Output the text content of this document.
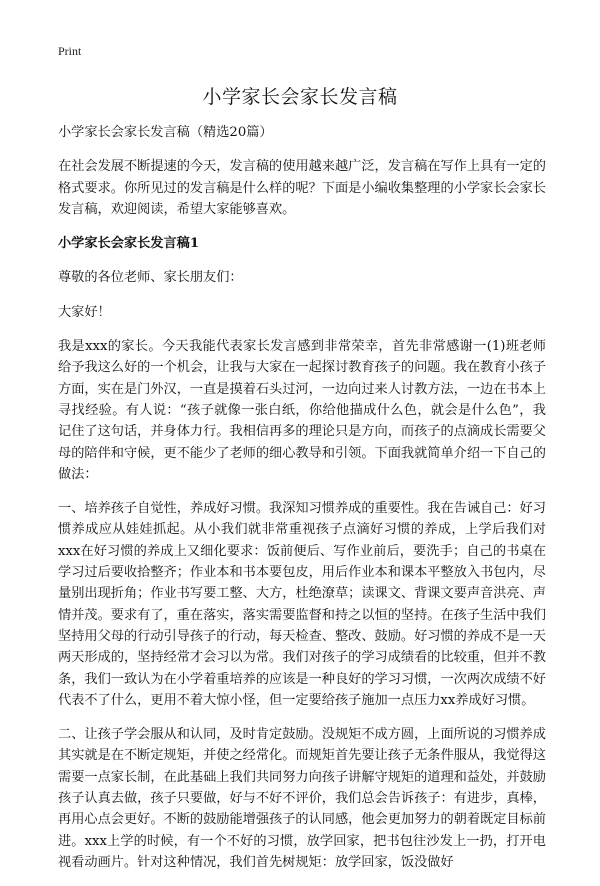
Print
小学家长会家长发言稿

小学家长会家长发言稿（精选20篇）

在社会发展不断提速的今天，发言稿的使用越来越广泛，发言稿在写作上具有一定的格式要求。你所见过的发言稿是什么样的呢？下面是小编收集整理的小学家长会家长发言稿，欢迎阅读，希望大家能够喜欢。

小学家长会家长发言稿1

尊敬的各位老师、家长朋友们：

大家好！

我是xxx的家长。今天我能代表家长发言感到非常荣幸，首先非常感谢一(1)班老师给予我这么好的一个机会，让我与大家在一起探讨教育孩子的问题。我在教育小孩子方面，实在是门外汉，一直是摸着石头过河，一边向过来人讨教方法，一边在书本上寻找经验。有人说：“孩子就像一张白纸，你给他描成什么色，就会是什么色”，我记住了这句话，并身体力行。我相信再多的理论只是方向，而孩子的点滴成长需要父母的陪伴和守候，更不能少了老师的细心教导和引领。下面我就简单介绍一下自己的做法：

一、培养孩子自觉性，养成好习惯。我深知习惯养成的重要性。我在告诫自己：好习惯养成应从娃娃抓起。从小我们就非常重视孩子点滴好习惯的养成，上学后我们对xxx在好习惯的养成上又细化要求：饭前便后、写作业前后，要洗手；自己的书桌在学习过后要收拾整齐；作业本和书本要包皮，用后作业本和课本平整放入书包内，尽量别出现折角；作业书写要工整、大方，杜绝潦草；读课文、背课文要声音洪亮、声情并茂。要求有了，重在落实，落实需要监督和持之以恒的坚持。在孩子生活中我们坚持用父母的行动引导孩子的行动，每天检查、整改、鼓励。好习惯的养成不是一天两天形成的，坚持经常才会习以为常。我们对孩子的学习成绩看的比较重，但并不教条，我们一致认为在小学着重培养的应该是一种良好的学习习惯，一次两次成绩不好代表不了什么，更用不着大惊小怪，但一定要给孩子施加一点压力xx养成好习惯。

二、让孩子学会服从和认同，及时肯定鼓励。没规矩不成方圆，上面所说的习惯养成其实就是在不断定规矩，并使之经常化。而规矩首先要让孩子无条件服从，我觉得这需要一点家长制，在此基础上我们共同努力向孩子讲解守规矩的道理和益处，并鼓励孩子认真去做，孩子只要做，好与不好不评价，我们总会告诉孩子：有进步，真棒，再用心点会更好。不断的鼓励能增强孩子的认同感，他会更加努力的朝着既定目标前进。xxx上学的时候，有一个不好的习惯，放学回家，把书包往沙发上一扔，打开电视看动画片。针对这种情况，我们首先树规矩：放学回家，饭没做好
